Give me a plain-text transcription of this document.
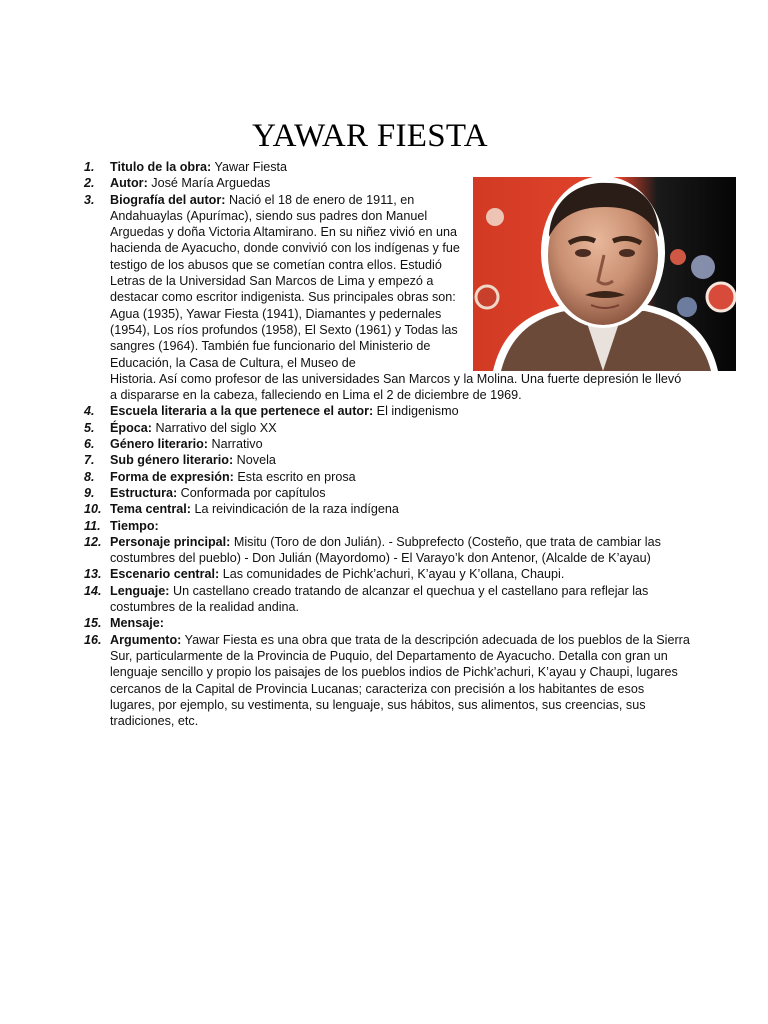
YAWAR FIESTA
1. Titulo de la obra: Yawar Fiesta
2. Autor: José María Arguedas
3. Biografía del autor: Nació el 18 de enero de 1911, en Andahuaylas (Apurímac), siendo sus padres don Manuel Arguedas y doña Victoria Altamirano. En su niñez vivió en una hacienda de Ayacucho, donde convivió con los indígenas y fue testigo de los abusos que se cometían contra ellos. Estudió Letras de la Universidad San Marcos de Lima y empezó a destacar como escritor indigenista. Sus principales obras son: Agua (1935), Yawar Fiesta (1941), Diamantes y pedernales (1954), Los ríos profundos (1958), El Sexto (1961) y Todas las sangres (1964). También fue funcionario del Ministerio de Educación, la Casa de Cultura, el Museo de
Historia. Así como profesor de las universidades San Marcos y la Molina. Una fuerte depresión le llevó a dispararse en la cabeza, falleciendo en Lima el 2 de diciembre de 1969.
4. Escuela literaria a la que pertenece el autor: El indigenismo
5. Época: Narrativo del siglo XX
6. Género literario: Narrativo
7. Sub género literario: Novela
8. Forma de expresión: Esta escrito en prosa
9. Estructura: Conformada por capítulos
10. Tema central: La reivindicación de la raza indígena
11. Tiempo:
12. Personaje principal: Misitu (Toro de don Julián). - Subprefecto (Costeño, que trata de cambiar las costumbres del pueblo) - Don Julián (Mayordomo) - El Varayo’k don Antenor, (Alcalde de K’ayau)
13. Escenario central: Las comunidades de Pichk’achuri, K’ayau y K’ollana, Chaupi.
14. Lenguaje: Un castellano creado tratando de alcanzar el quechua y el castellano para reflejar las costumbres de la realidad andina.
15. Mensaje:
16. Argumento: Yawar Fiesta es una obra que trata de la descripción adecuada de los pueblos de la Sierra Sur, particularmente de la Provincia de Puquio, del Departamento de Ayacucho. Detalla con gran un lenguaje sencillo y propio los paisajes de los pueblos indios de Pichk’achuri, K’ayau y Chaupi, lugares cercanos de la Capital de Provincia Lucanas; caracteriza con precisión a los habitantes de esos lugares, por ejemplo, su vestimenta, su lenguaje, sus hábitos, sus alimentos, sus creencias, sus tradiciones, etc.
